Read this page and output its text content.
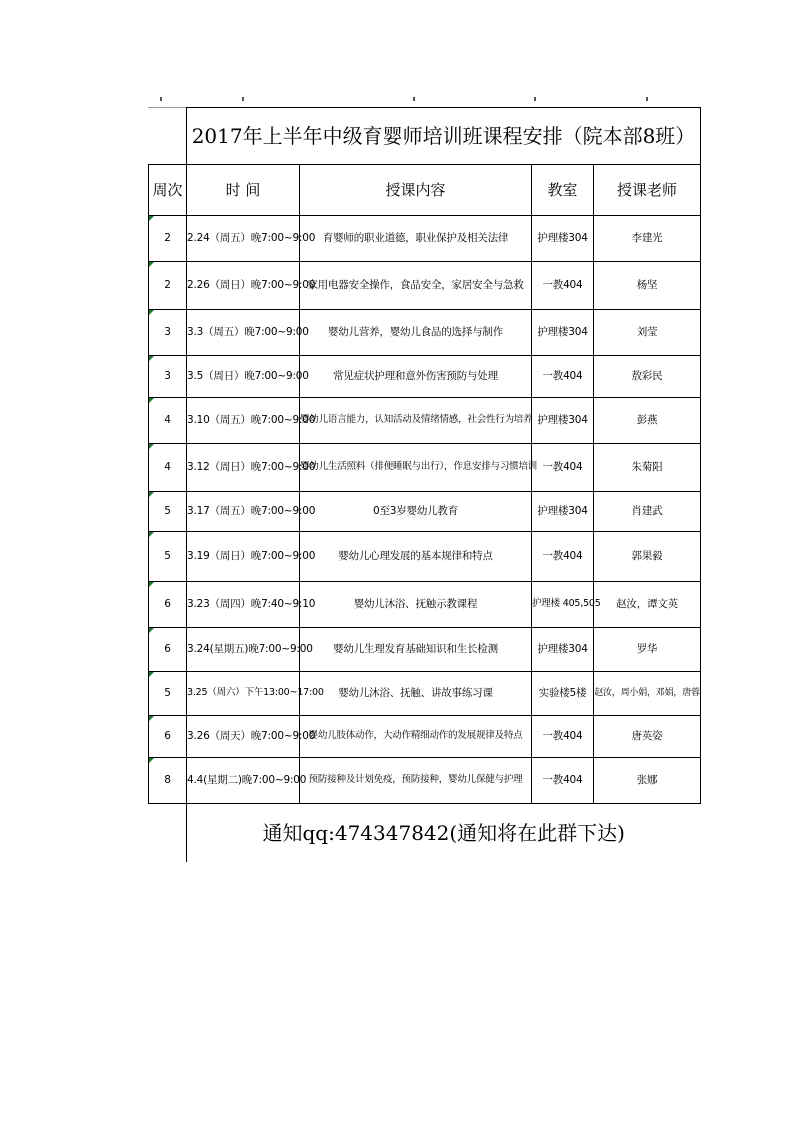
	2017年上半年中级育婴师培训班课程安排（院本部8班）			
周次	时 间	授课内容	教室	授课老师
2	2.24（周五）晚7:00~9:00	育婴师的职业道德，职业保护及相关法律	护理楼304	李建光
2	2.26（周日）晚7:00~9:00	家用电器安全操作，食品安全，家居安全与急救	一教404	杨坚
3	3.3（周五）晚7:00~9:00	婴幼儿营养，婴幼儿食品的选择与制作	护理楼304	刘莹
3	3.5（周日）晚7:00~9:00	常见症状护理和意外伤害预防与处理	一教404	敖彩民
4	3.10（周五）晚7:00~9:00	婴幼儿语言能力，认知活动及情绪情感，社会性行为培养	护理楼304	彭燕
4	3.12（周日）晚7:00~9:00	婴幼儿生活照料（排便睡眠与出行），作息安排与习惯培训	一教404	朱菊阳
5	3.17（周五）晚7:00~9:00	0至3岁婴幼儿教育	护理楼304	肖建武
5	3.19（周日）晚7:00~9:00	婴幼儿心理发展的基本规律和特点	一教404	郭果毅
6	3.23（周四）晚7:40~9:10	婴幼儿沐浴、抚触示教课程	护理楼 405,505	赵汝，谭文英
6	3.24(星期五)晚7:00~9:00	婴幼儿生理发育基础知识和生长检测	护理楼304	罗华
5	3.25（周六）下午13:00~17:00	婴幼儿沐浴、抚触、讲故事练习课	实验楼5楼	赵汝，周小娟，邓娟，唐蓉
6	3.26（周天）晚7:00~9:00	婴幼儿肢体动作，大动作精细动作的发展规律及特点	一教404	唐英姿
8	4.4(星期二)晚7:00~9:00	预防接种及计划免疫，预防接种，婴幼儿保健与护理	一教404	张娜
	通知qq:474347842(通知将在此群下达)			
